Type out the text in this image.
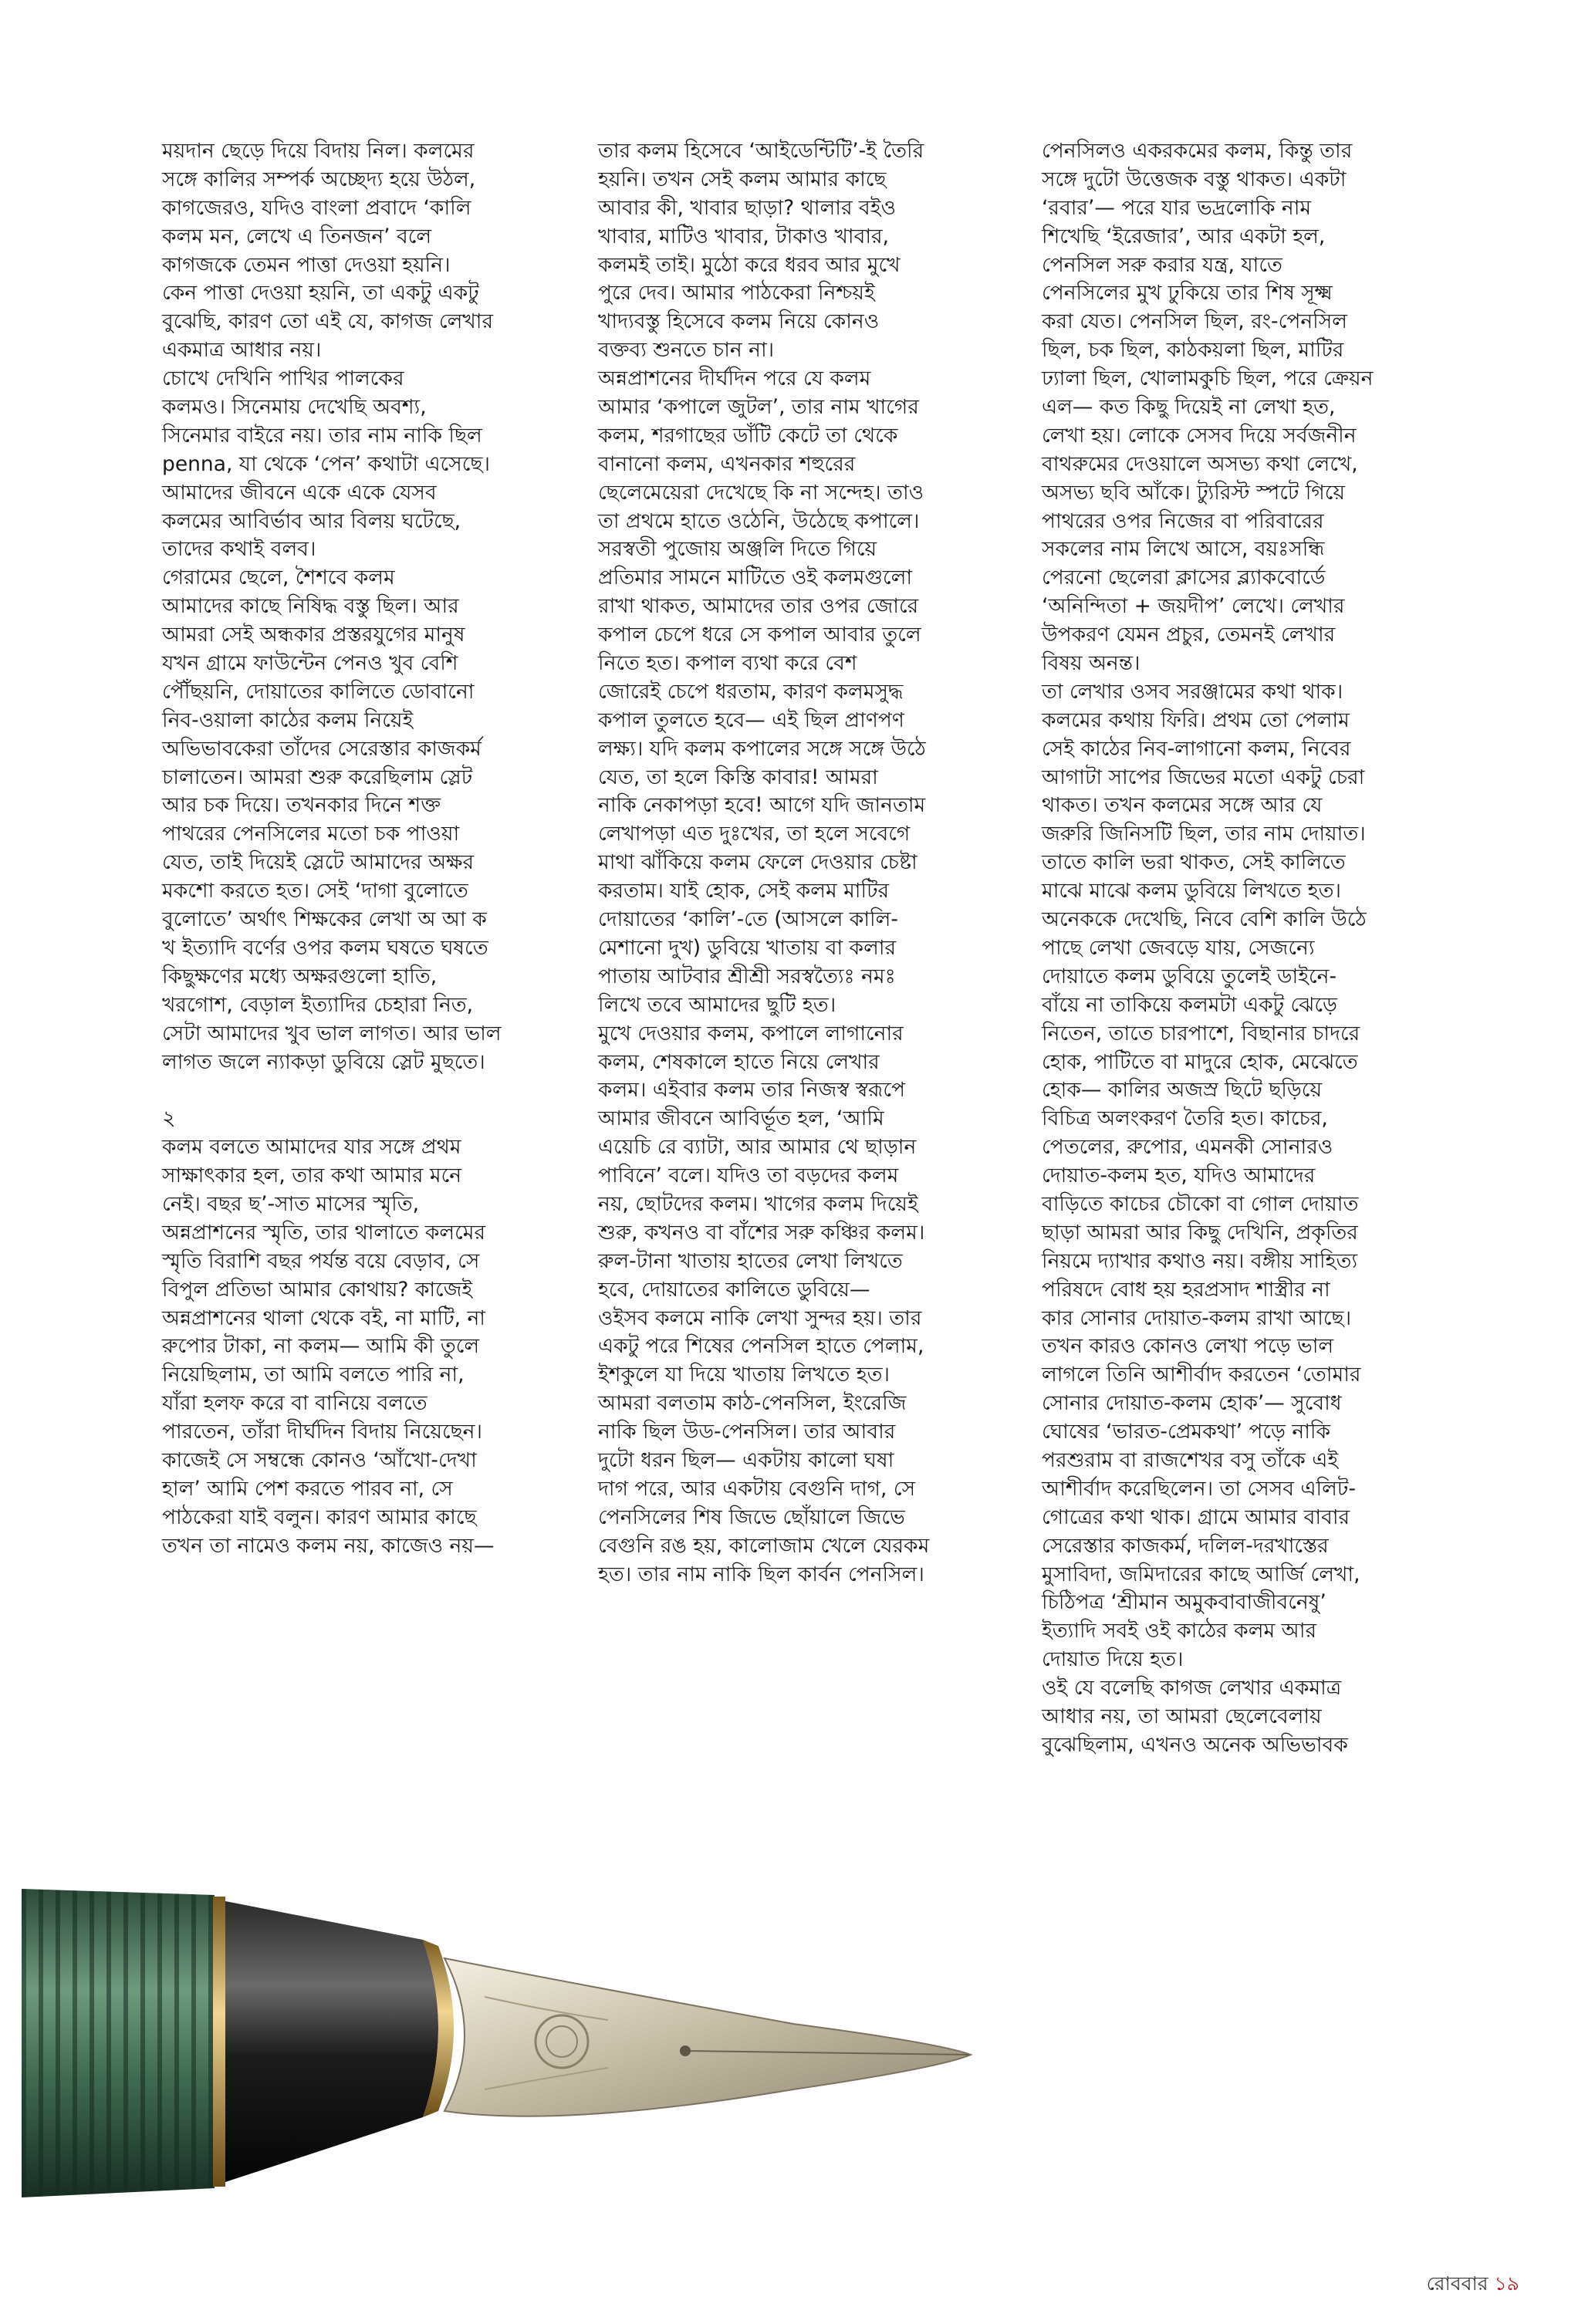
ময়দান ছেড়ে দিয়ে বিদায় নিল। কলমের
সঙ্গে কালির সম্পর্ক অচ্ছেদ্য হয়ে উঠল,
কাগজেরও, যদিও বাংলা প্রবাদে ‘কালি
কলম মন, লেখে এ তিনজন’ বলে
কাগজকে তেমন পাত্তা দেওয়া হয়নি।
কেন পাত্তা দেওয়া হয়নি, তা একটু একটু
বুঝেছি, কারণ তো এই যে, কাগজ লেখার
একমাত্র আধার নয়।
চোখে দেখিনি পাখির পালকের
কলমও। সিনেমায় দেখেছি অবশ্য,
সিনেমার বাইরে নয়। তার নাম নাকি ছিল
penna, যা থেকে ‘পেন’ কথাটা এসেছে।
আমাদের জীবনে একে একে যেসব
কলমের আবির্ভাব আর বিলয় ঘটেছে,
তাদের কথাই বলব।
গেরামের ছেলে, শৈশবে কলম
আমাদের কাছে নিষিদ্ধ বস্তু ছিল। আর
আমরা সেই অন্ধকার প্রস্তরযুগের মানুষ
যখন গ্রামে ফাউন্টেন পেনও খুব বেশি
পৌঁছয়নি, দোয়াতের কালিতে ডোবানো
নিব-ওয়ালা কাঠের কলম নিয়েই
অভিভাবকেরা তাঁদের সেরেস্তার কাজকর্ম
চালাতেন। আমরা শুরু করেছিলাম স্লেট
আর চক দিয়ে। তখনকার দিনে শক্ত
পাথরের পেনসিলের মতো চক পাওয়া
যেত, তাই দিয়েই স্লেটে আমাদের অক্ষর
মকশো করতে হত। সেই ‘দাগা বুলোতে
বুলোতে’ অর্থাৎ শিক্ষকের লেখা অ আ ক
খ ইত্যাদি বর্ণের ওপর কলম ঘষতে ঘষতে
কিছুক্ষণের মধ্যে অক্ষরগুলো হাতি,
খরগোশ, বেড়াল ইত্যাদির চেহারা নিত,
সেটা আমাদের খুব ভাল লাগত। আর ভাল
লাগত জলে ন্যাকড়া ডুবিয়ে স্লেট মুছতে।
২
কলম বলতে আমাদের যার সঙ্গে প্রথম
সাক্ষাৎকার হল, তার কথা আমার মনে
নেই। বছর ছ’-সাত মাসের স্মৃতি,
অন্নপ্রাশনের স্মৃতি, তার থালাতে কলমের
স্মৃতি বিরাশি বছর পর্যন্ত বয়ে বেড়াব, সে
বিপুল প্রতিভা আমার কোথায়? কাজেই
অন্নপ্রাশনের থালা থেকে বই, না মাটি, না
রুপোর টাকা, না কলম— আমি কী তুলে
নিয়েছিলাম, তা আমি বলতে পারি না,
যাঁরা হলফ করে বা বানিয়ে বলতে
পারতেন, তাঁরা দীর্ঘদিন বিদায় নিয়েছেন।
কাজেই সে সম্বন্ধে কোনও ‘আঁখো-দেখা
হাল’ আমি পেশ করতে পারব না, সে
পাঠকেরা যাই বলুন। কারণ আমার কাছে
তখন তা নামেও কলম নয়, কাজেও নয়—
তার কলম হিসেবে ‘আইডেন্টিটি’-ই তৈরি
হয়নি। তখন সেই কলম আমার কাছে
আবার কী, খাবার ছাড়া? থালার বইও
খাবার, মাটিও খাবার, টাকাও খাবার,
কলমই তাই। মুঠো করে ধরব আর মুখে
পুরে দেব। আমার পাঠকেরা নিশ্চয়ই
খাদ্যবস্তু হিসেবে কলম নিয়ে কোনও
বক্তব্য শুনতে চান না।
অন্নপ্রাশনের দীর্ঘদিন পরে যে কলম
আমার ‘কপালে জুটল’, তার নাম খাগের
কলম, শরগাছের ডাঁটি কেটে তা থেকে
বানানো কলম, এখনকার শহুরের
ছেলেমেয়েরা দেখেছে কি না সন্দেহ। তাও
তা প্রথমে হাতে ওঠেনি, উঠেছে কপালে।
সরস্বতী পুজোয় অঞ্জলি দিতে গিয়ে
প্রতিমার সামনে মাটিতে ওই কলমগুলো
রাখা থাকত, আমাদের তার ওপর জোরে
কপাল চেপে ধরে সে কপাল আবার তুলে
নিতে হত। কপাল ব্যথা করে বেশ
জোরেই চেপে ধরতাম, কারণ কলমসুদ্ধ
কপাল তুলতে হবে— এই ছিল প্রাণপণ
লক্ষ্য। যদি কলম কপালের সঙ্গে সঙ্গে উঠে
যেত, তা হলে কিস্তি কাবার! আমরা
নাকি নেকাপড়া হবে! আগে যদি জানতাম
লেখাপড়া এত দুঃখের, তা হলে সবেগে
মাথা ঝাঁকিয়ে কলম ফেলে দেওয়ার চেষ্টা
করতাম। যাই হোক, সেই কলম মাটির
দোয়াতের ‘কালি’-তে (আসলে কালি-
মেশানো দুখ) ডুবিয়ে খাতায় বা কলার
পাতায় আটবার শ্রীশ্রী সরস্বত্যৈঃ নমঃ
লিখে তবে আমাদের ছুটি হত।
মুখে দেওয়ার কলম, কপালে লাগানোর
কলম, শেষকালে হাতে নিয়ে লেখার
কলম। এইবার কলম তার নিজস্ব স্বরূপে
আমার জীবনে আবির্ভূত হল, ‘আমি
এয়েচি রে ব্যাটা, আর আমার থে ছাড়ান
পাবিনে’ বলে। যদিও তা বড়দের কলম
নয়, ছোটদের কলম। খাগের কলম দিয়েই
শুরু, কখনও বা বাঁশের সরু কঞ্চির কলম।
রুল-টানা খাতায় হাতের লেখা লিখতে
হবে, দোয়াতের কালিতে ডুবিয়ে—
ওইসব কলমে নাকি লেখা সুন্দর হয়। তার
একটু পরে শিষের পেনসিল হাতে পেলাম,
ইশকুলে যা দিয়ে খাতায় লিখতে হত।
আমরা বলতাম কাঠ-পেনসিল, ইংরেজি
নাকি ছিল উড-পেনসিল। তার আবার
দুটো ধরন ছিল— একটায় কালো ঘষা
দাগ পরে, আর একটায় বেগুনি দাগ, সে
পেনসিলের শিষ জিভে ছোঁয়ালে জিভে
বেগুনি রঙ হয়, কালোজাম খেলে যেরকম
হত। তার নাম নাকি ছিল কার্বন পেনসিল।
পেনসিলও একরকমের কলম, কিন্তু তার
সঙ্গে দুটো উত্তেজক বস্তু থাকত। একটা
‘রবার’— পরে যার ভদ্রলোকি নাম
শিখেছি ‘ইরেজার’, আর একটা হল,
পেনসিল সরু করার যন্ত্র, যাতে
পেনসিলের মুখ ঢুকিয়ে তার শিষ সূক্ষ্ম
করা যেত। পেনসিল ছিল, রং-পেনসিল
ছিল, চক ছিল, কাঠকয়লা ছিল, মাটির
ঢ্যালা ছিল, খোলামকুচি ছিল, পরে ক্রেয়ন
এল— কত কিছু দিয়েই না লেখা হত,
লেখা হয়। লোকে সেসব দিয়ে সর্বজনীন
বাথরুমের দেওয়ালে অসভ্য কথা লেখে,
অসভ্য ছবি আঁকে। ট্যুরিস্ট স্পটে গিয়ে
পাথরের ওপর নিজের বা পরিবারের
সকলের নাম লিখে আসে, বয়ঃসন্ধি
পেরনো ছেলেরা ক্লাসের ব্ল্যাকবোর্ডে
‘অনিন্দিতা + জয়দীপ’ লেখে। লেখার
উপকরণ যেমন প্রচুর, তেমনই লেখার
বিষয় অনন্ত।
তা লেখার ওসব সরঞ্জামের কথা থাক।
কলমের কথায় ফিরি। প্রথম তো পেলাম
সেই কাঠের নিব-লাগানো কলম, নিবের
আগাটা সাপের জিভের মতো একটু চেরা
থাকত। তখন কলমের সঙ্গে আর যে
জরুরি জিনিসটি ছিল, তার নাম দোয়াত।
তাতে কালি ভরা থাকত, সেই কালিতে
মাঝে মাঝে কলম ডুবিয়ে লিখতে হত।
অনেককে দেখেছি, নিবে বেশি কালি উঠে
পাছে লেখা জেবড়ে যায়, সেজন্যে
দোয়াতে কলম ডুবিয়ে তুলেই ডাইনে-
বাঁয়ে না তাকিয়ে কলমটা একটু ঝেড়ে
নিতেন, তাতে চারপাশে, বিছানার চাদরে
হোক, পাটিতে বা মাদুরে হোক, মেঝেতে
হোক— কালির অজস্র ছিটে ছড়িয়ে
বিচিত্র অলংকরণ তৈরি হত। কাচের,
পেতলের, রুপোর, এমনকী সোনারও
দোয়াত-কলম হত, যদিও আমাদের
বাড়িতে কাচের চৌকো বা গোল দোয়াত
ছাড়া আমরা আর কিছু দেখিনি, প্রকৃতির
নিয়মে দ্যাখার কথাও নয়। বঙ্গীয় সাহিত্য
পরিষদে বোধ হয় হরপ্রসাদ শাস্ত্রীর না
কার সোনার দোয়াত-কলম রাখা আছে।
তখন কারও কোনও লেখা পড়ে ভাল
লাগলে তিনি আশীর্বাদ করতেন ‘তোমার
সোনার দোয়াত-কলম হোক’— সুবোধ
ঘোষের ‘ভারত-প্রেমকথা’ পড়ে নাকি
পরশুরাম বা রাজশেখর বসু তাঁকে এই
আশীর্বাদ করেছিলেন। তা সেসব এলিট-
গোত্রের কথা থাক। গ্রামে আমার বাবার
সেরেস্তার কাজকর্ম, দলিল-দরখাস্তের
মুসাবিদা, জমিদারের কাছে আর্জি লেখা,
চিঠিপত্র ‘শ্রীমান অমুকবাবাজীবনেষু’
ইত্যাদি সবই ওই কাঠের কলম আর
দোয়াত দিয়ে হত।
ওই যে বলেছি কাগজ লেখার একমাত্র
আধার নয়, তা আমরা ছেলেবেলায়
বুঝেছিলাম, এখনও অনেক অভিভাবক
রোববার ১৯
